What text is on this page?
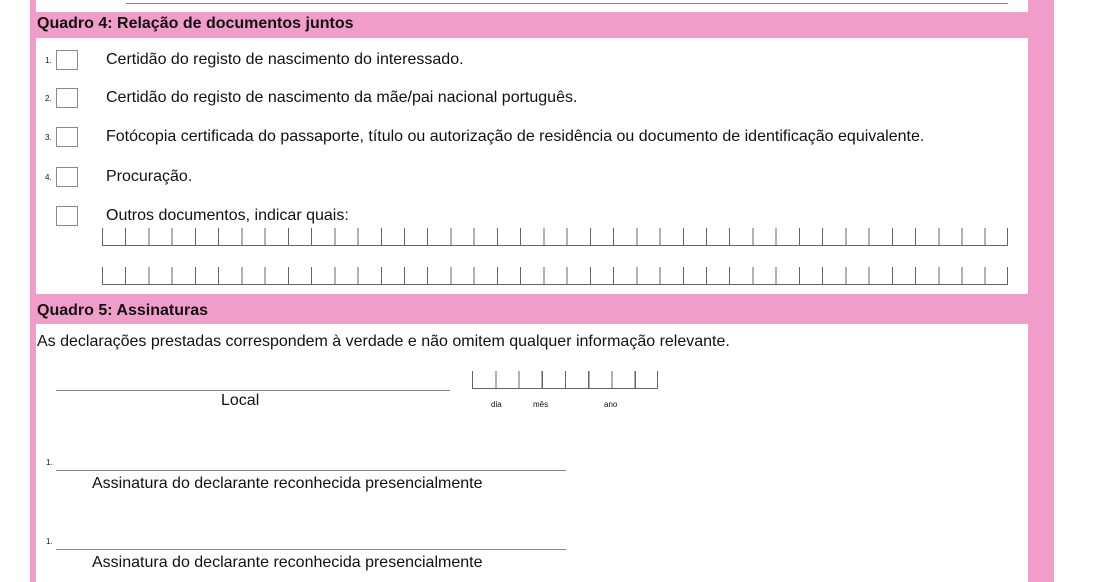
Quadro 4: Relação de documentos juntos
1.	Certidão do registo de nascimento do interessado.
2.	Certidão do registo de nascimento da mãe/pai nacional português.
3.	Fotócopia certificada do passaporte, título ou autorização de residência ou documento de identificação equivalente.
4.	Procuração.
Outros documentos, indicar quais:
Quadro 5: Assinaturas
As declarações prestadas correspondem à verdade e não omitem qualquer informação relevante.
Local	dia	mês	ano
1.
Assinatura do declarante reconhecida presencialmente
1.
Assinatura do declarante reconhecida presencialmente
